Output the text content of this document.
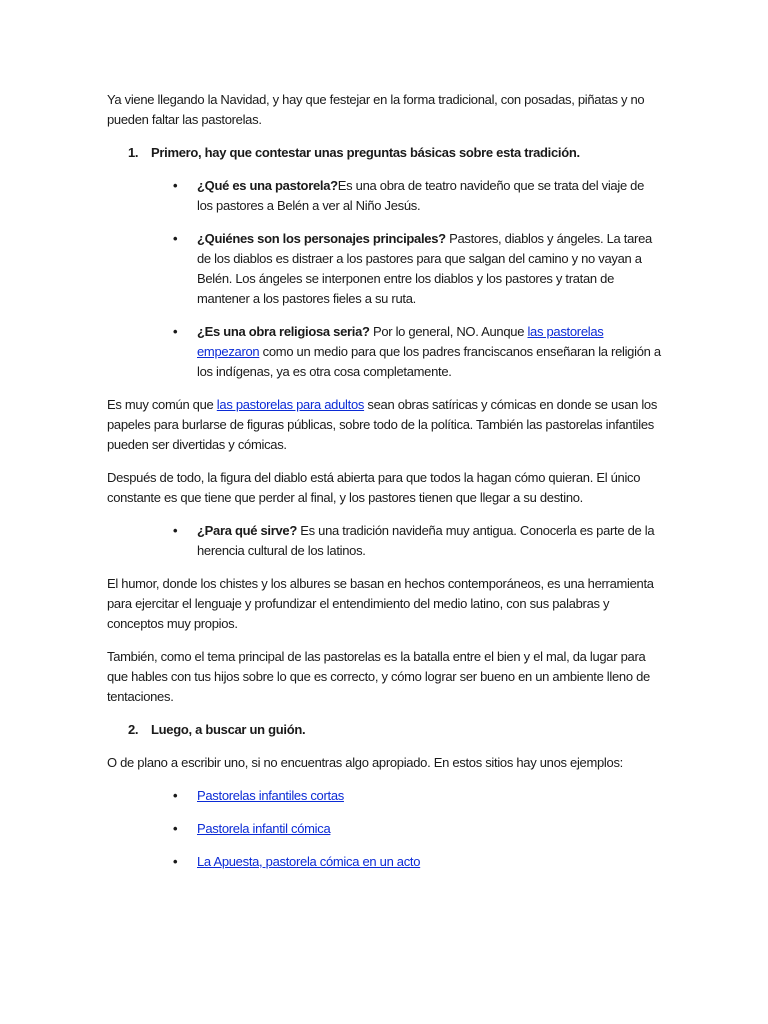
Ya viene llegando la Navidad, y hay que festejar en la forma tradicional, con posadas, piñatas y no pueden faltar las pastorelas.

1. Primero, hay que contestar unas preguntas básicas sobre esta tradición.
• ¿Qué es una pastorela?Es una obra de teatro navideño que se trata del viaje de los pastores a Belén a ver al Niño Jesús.
• ¿Quiénes son los personajes principales? Pastores, diablos y ángeles. La tarea de los diablos es distraer a los pastores para que salgan del camino y no vayan a Belén. Los ángeles se interponen entre los diablos y los pastores y tratan de mantener a los pastores fieles a su ruta.
• ¿Es una obra religiosa seria? Por lo general, NO. Aunque las pastorelas empezaron como un medio para que los padres franciscanos enseñaran la religión a los indígenas, ya es otra cosa completamente.

Es muy común que las pastorelas para adultos sean obras satíricas y cómicas en donde se usan los papeles para burlarse de figuras públicas, sobre todo de la política. También las pastorelas infantiles pueden ser divertidas y cómicas.

Después de todo, la figura del diablo está abierta para que todos la hagan cómo quieran. El único constante es que tiene que perder al final, y los pastores tienen que llegar a su destino.

• ¿Para qué sirve? Es una tradición navideña muy antigua. Conocerla es parte de la herencia cultural de los latinos.

El humor, donde los chistes y los albures se basan en hechos contemporáneos, es una herramienta para ejercitar el lenguaje y profundizar el entendimiento del medio latino, con sus palabras y conceptos muy propios.

También, como el tema principal de las pastorelas es la batalla entre el bien y el mal, da lugar para que hables con tus hijos sobre lo que es correcto, y cómo lograr ser bueno en un ambiente lleno de tentaciones.

2. Luego, a buscar un guión.

O de plano a escribir uno, si no encuentras algo apropiado. En estos sitios hay unos ejemplos:

• Pastorelas infantiles cortas
• Pastorela infantil cómica
• La Apuesta, pastorela cómica en un acto
